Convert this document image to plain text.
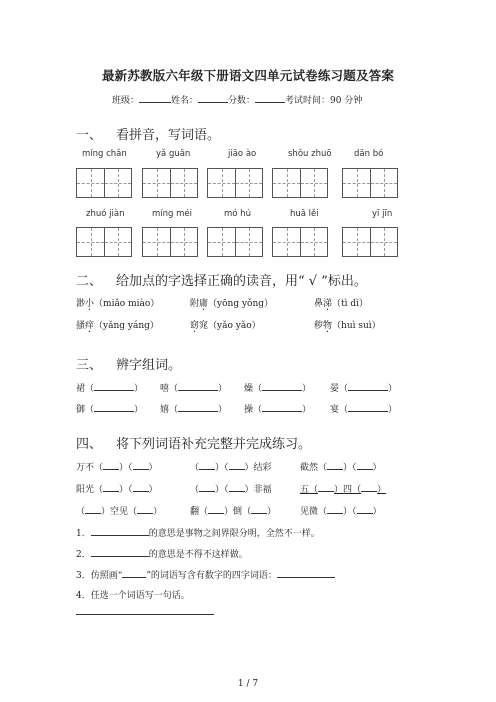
最新苏教版六年级下册语文四单元试卷练习题及答案
班级：	姓名：	分数：	考试时间：90 分钟
一、 看拼音，写词语。
míng chǎn	yǎ guān	jiāo ào	shǒu zhuō	dān bó
zhuó jiàn	míng méi	mó hú	huā lěi	yī jīn
二、 给加点的字选择正确的读音，用“ √ ”标出。
渺小（miǎo miào）	附庸（yōng yǒng）	鼻涕（tì dì）
搔痒（yǎng yáng）	窈窕（yǎo yǎo）	秽物（huì suì）
三、 辨字组词。
裙（	） 嘻（	） 燥（	） 晏（	）
御（	） 嬉（	） 操（	） 宴（	）
四、 将下列词语补充完整并完成练习。
万不（ ）（ ）	（ ）（ ）结彩	截然（ ）（ ）
阳光（ ）（ ）	（ ）（ ）非福	五（ ）四（ ）
（ ）空见（ ）	翻（ ）倒（ ）	见微（ ）（ ）
1．	的意思是事物之间界限分明，全然不一样。
2．	的意思是不得不这样做。
3．仿照画“	”的词语写含有数字的四字词语：
4．任选一个词语写一句话。
1 / 7
